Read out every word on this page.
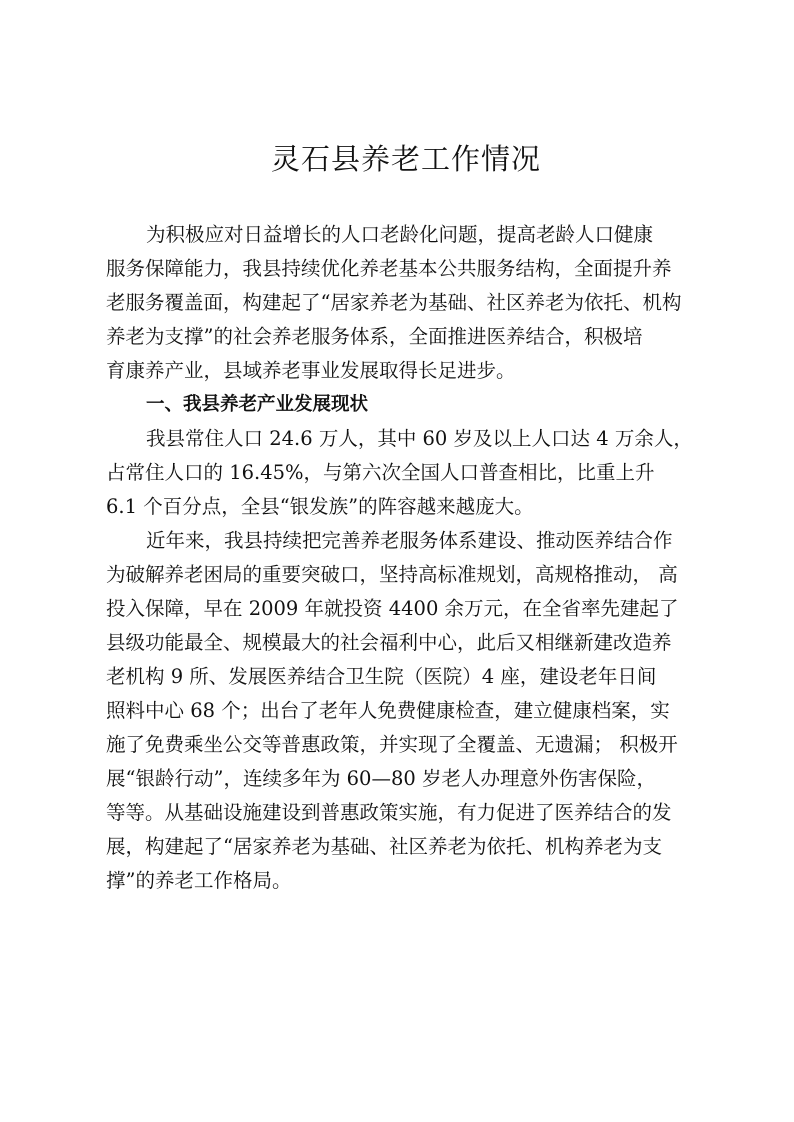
灵石县养老工作情况
为积极应对日益增长的人口老龄化问题，提高老龄人口健康
服务保障能力，我县持续优化养老基本公共服务结构，全面提升养
老服务覆盖面，构建起了“居家养老为基础、社区养老为依托、机构
养老为支撑”的社会养老服务体系，全面推进医养结合，积极培
育康养产业，县域养老事业发展取得长足进步。
一、我县养老产业发展现状
我县常住人口 24.6 万人，其中 60 岁及以上人口达 4 万余人，
占常住人口的 16.45%，与第六次全国人口普查相比，比重上升
6.1 个百分点，全县“银发族”的阵容越来越庞大。
近年来，我县持续把完善养老服务体系建设、推动医养结合作
为破解养老困局的重要突破口，坚持高标准规划，高规格推动， 高
投入保障，早在 2009 年就投资 4400 余万元，在全省率先建起了
县级功能最全、规模最大的社会福利中心，此后又相继新建改造养
老机构 9 所、发展医养结合卫生院（医院）4 座，建设老年日间
照料中心 68 个；出台了老年人免费健康检查，建立健康档案，实
施了免费乘坐公交等普惠政策，并实现了全覆盖、无遗漏； 积极开
展“银龄行动”，连续多年为 60—80 岁老人办理意外伤害保险，
等等。从基础设施建设到普惠政策实施，有力促进了医养结合的发
展，构建起了“居家养老为基础、社区养老为依托、机构养老为支
撑”的养老工作格局。
